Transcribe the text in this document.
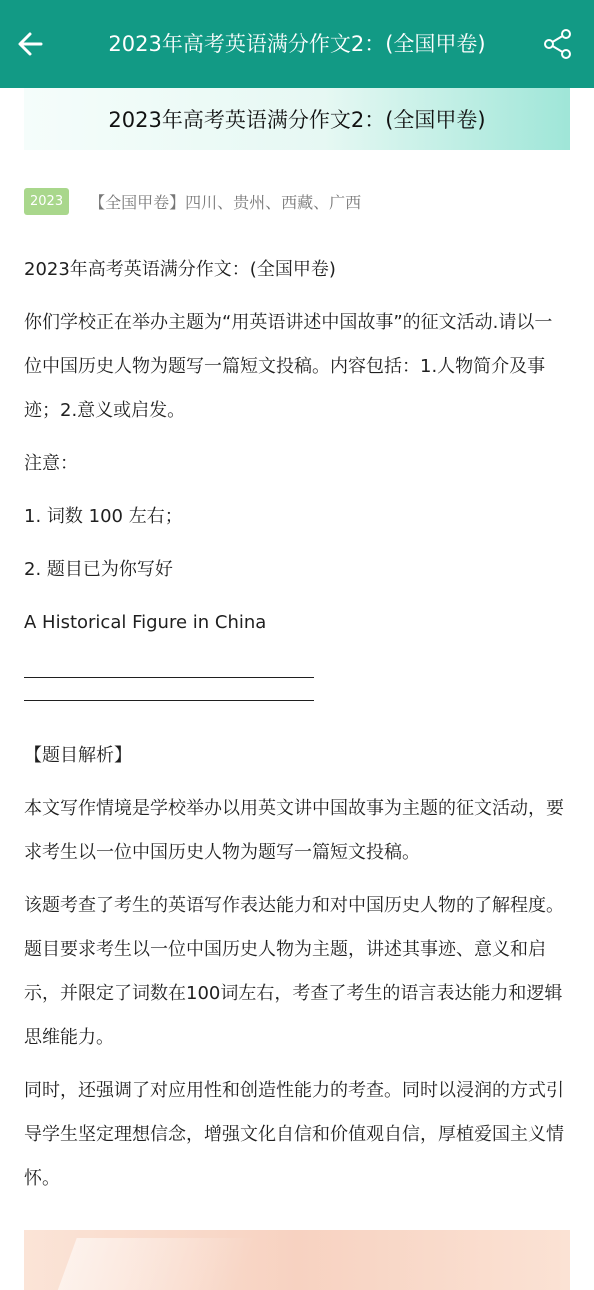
2023年高考英语满分作文2：(全国甲卷)
2023年高考英语满分作文2：(全国甲卷)
2023	【全国甲卷】四川、贵州、西藏、广西

2023年高考英语满分作文：(全国甲卷)

你们学校正在举办主题为“用英语讲述中国故事”的征文活动.请以一位中国历史人物为题写一篇短文投稿。内容包括：1.人物简介及事迹；2.意义或启发。

注意：

1. 词数 100 左右；

2. 题目已为你写好

A Historical Figure in China

【题目解析】

本文写作情境是学校举办以用英文讲中国故事为主题的征文活动，要求考生以一位中国历史人物为题写一篇短文投稿。

该题考查了考生的英语写作表达能力和对中国历史人物的了解程度。题目要求考生以一位中国历史人物为主题，讲述其事迹、意义和启示，并限定了词数在100词左右，考查了考生的语言表达能力和逻辑思维能力。

同时，还强调了对应用性和创造性能力的考查。同时以浸润的方式引导学生坚定理想信念，增强文化自信和价值观自信，厚植爱国主义情怀。
